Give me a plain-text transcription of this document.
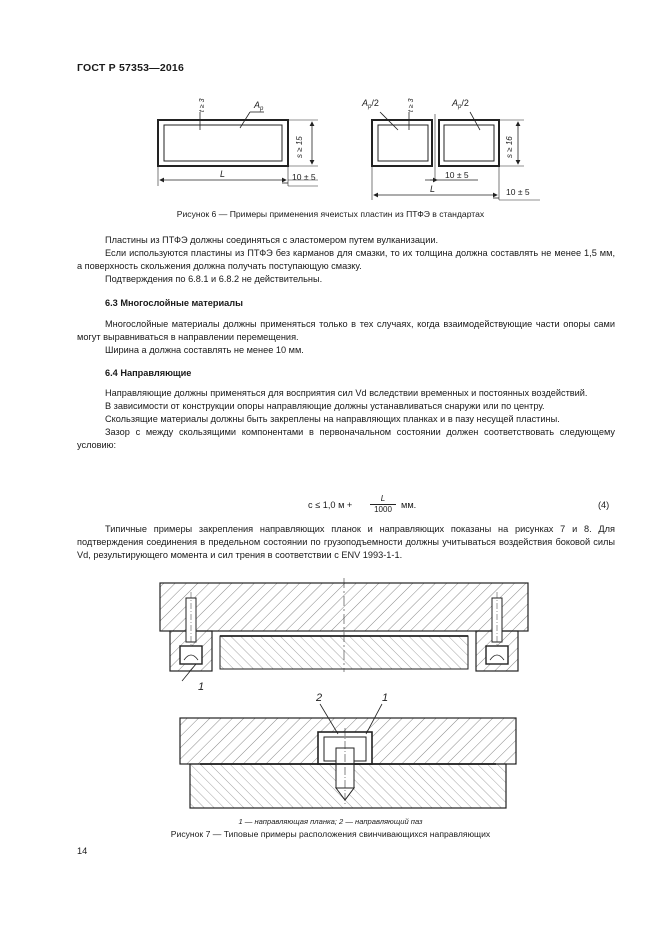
ГОСТ Р 57353—2016
$A_p$
t ≥ 3
s ≥ 15
L	10 ± 5
$A_p/2$	$A_p/2$
t ≥ 3
s ≥ 16
10 ± 5
L	10 ± 5
Рисунок 6 — Примеры применения ячеистых пластин из ПТФЭ в стандартах

Пластины из ПТФЭ должны соединяться с эластомером путем вулканизации.

Если используются пластины из ПТФЭ без карманов для смазки, то их толщина должна составлять не менее 1,5 мм, а поверхность скольжения должна получать поступающую смазку.

Подтверждения по 6.8.1 и 6.8.2 не действительны.

6.3 Многослойные материалы

Многослойные материалы должны применяться только в тех случаях, когда взаимодействующие части опоры сами могут выравниваться в направлении перемещения.

Ширина a должна составлять не менее 10 мм.

6.4 Направляющие

Направляющие должны применяться для восприятия сил Vd вследствии временных и постоянных воздействий.

В зависимости от конструкции опоры направляющие должны устанавливаться снаружи или по центру.

Скользящие материалы должны быть закреплены на направляющих планках и в пазу несущей пластины.

Зазор c между скользящими компонентами в первоначальном состоянии должен соответствовать следующему условию:

c ≤ 1,0 $м + \frac{L}{1000}$ мм.	(4)

Типичные примеры закрепления направляющих планок и направляющих показаны на рисунках 7 и 8. Для подтверждения соединения в предельном состоянии по грузоподъемности должны учитываться воздействия боковой силы Vd, результирующего момента и сил трения в соответствии с ENV 1993-1-1.

1
2	1
1 — направляющая планка; 2 — направляющий паз
Рисунок 7 — Типовые примеры расположения свинчивающихся направляющих
14
